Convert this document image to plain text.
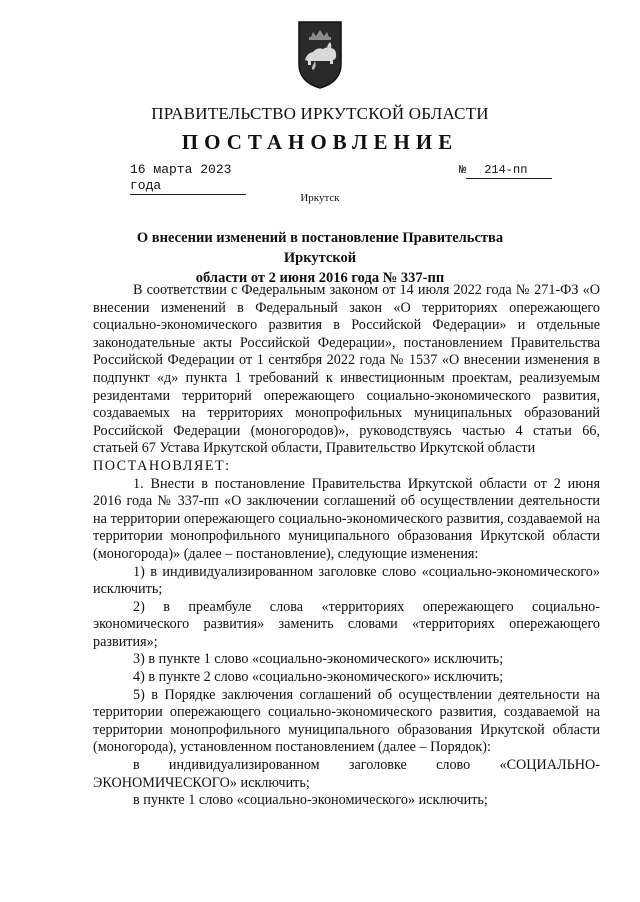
ПРАВИТЕЛЬСТВО ИРКУТСКОЙ ОБЛАСТИ
ПОСТАНОВЛЕНИЕ
16 марта 2023 года
№ 214-пп
Иркутск
О внесении изменений в постановление Правительства Иркутской
области от 2 июня 2016 года № 337-пп

В соответствии с Федеральным законом от 14 июля 2022 года № 271-ФЗ «О внесении изменений в Федеральный закон «О территориях опережающего социально-экономического развития в Российской Федерации» и отдельные законодательные акты Российской Федерации», постановлением Правительства Российской Федерации от 1 сентября 2022 года № 1537 «О внесении изменения в подпункт «д» пункта 1 требований к инвестиционным проектам, реализуемым резидентами территорий опережающего социально-экономического развития, создаваемых на территориях монопрофильных муниципальных образований Российской Федерации (моногородов)», руководствуясь частью 4 статьи 66, статьей 67 Устава Иркутской области, Правительство Иркутской области

ПОСТАНОВЛЯЕТ:

1. Внести в постановление Правительства Иркутской области от 2 июня 2016 года № 337-пп «О заключении соглашений об осуществлении деятельности на территории опережающего социально-экономического развития, создаваемой на территории монопрофильного муниципального образования Иркутской области (моногорода)» (далее – постановление), следующие изменения:

1) в индивидуализированном заголовке слово «социально-экономического» исключить;

2) в преамбуле слова «территориях опережающего социально-экономического развития» заменить словами «территориях опережающего развития»;

3) в пункте 1 слово «социально-экономического» исключить;

4) в пункте 2 слово «социально-экономического» исключить;

5) в Порядке заключения соглашений об осуществлении деятельности на территории опережающего социально-экономического развития, создаваемой на территории монопрофильного муниципального образования Иркутской области (моногорода), установленном постановлением (далее – Порядок):

в индивидуализированном заголовке слово «СОЦИАЛЬНО-ЭКОНОМИЧЕСКОГО» исключить;

в пункте 1 слово «социально-экономического» исключить;
